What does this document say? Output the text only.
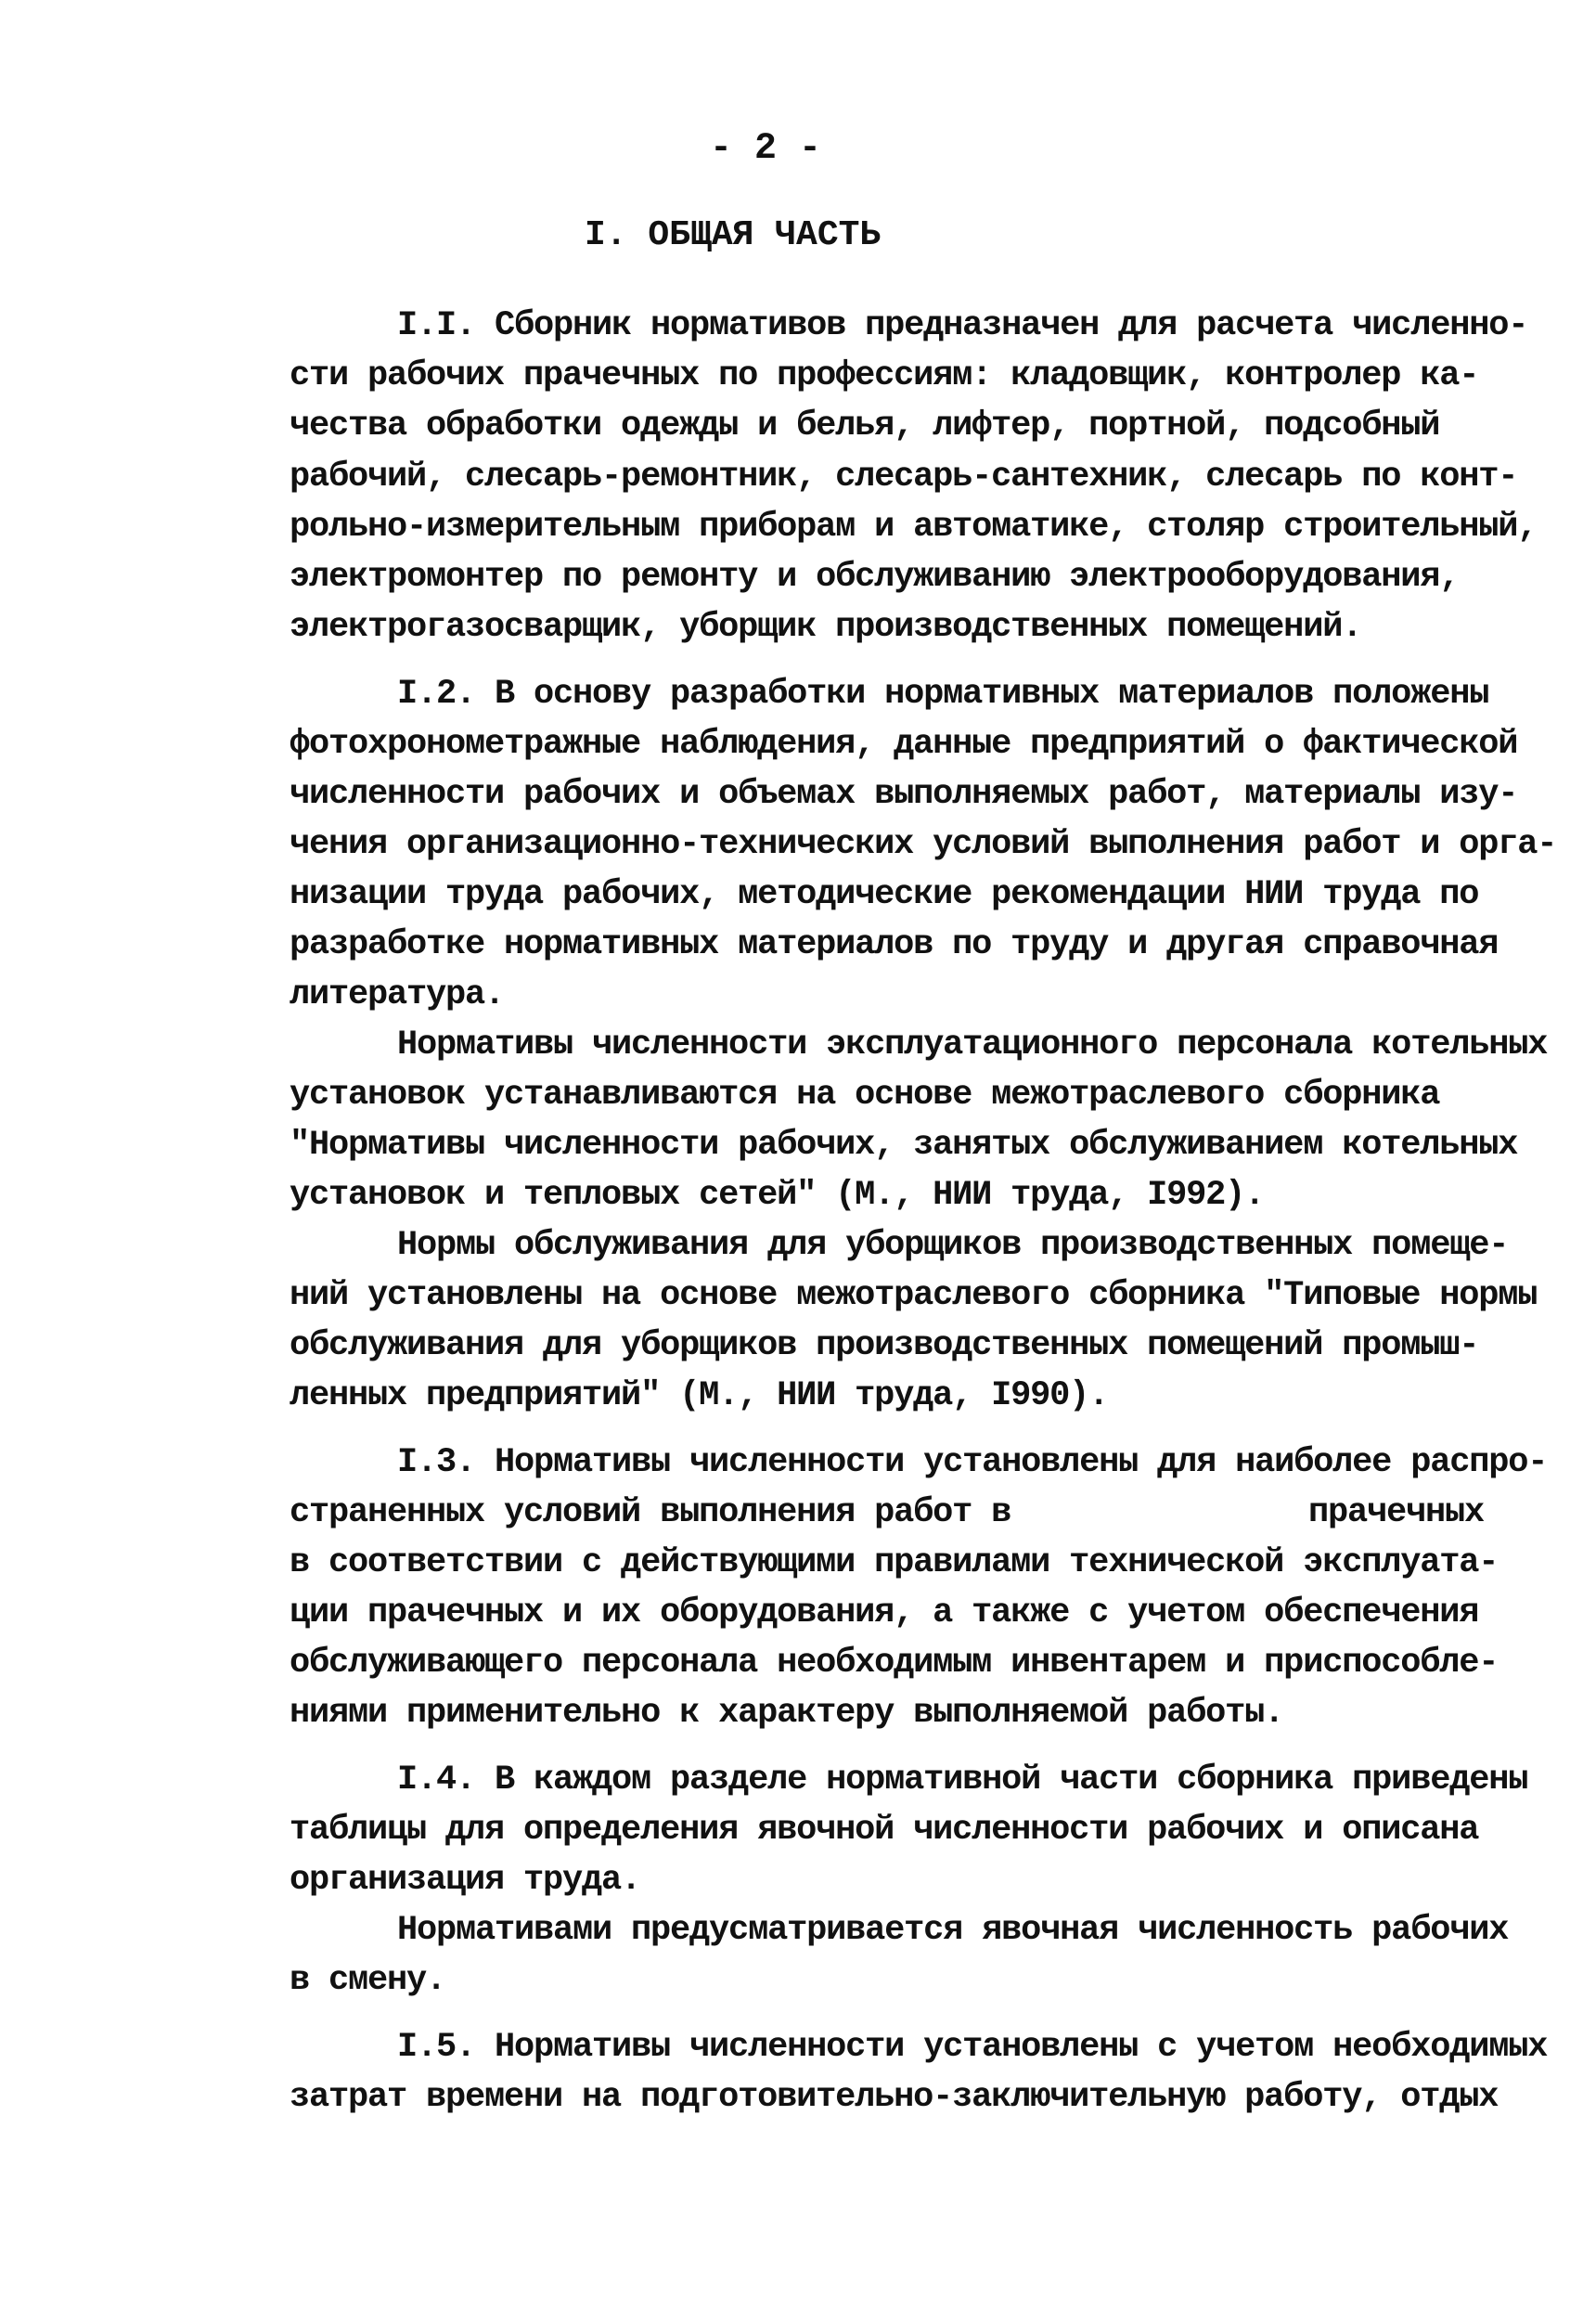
- 2 -
I. ОБЩАЯ ЧАСТЬ
I.I. Сборник нормативов предназначен для расчета численно-
сти рабочих прачечных по профессиям: кладовщик, контролер ка-
чества обработки одежды и белья, лифтер, портной, подсобный
рабочий, слесарь-ремонтник, слесарь-сантехник, слесарь по конт-
рольно-измерительным приборам и автоматике, столяр строительный,
электромонтер по ремонту и обслуживанию электрооборудования,
электрогазосварщик, уборщик производственных помещений.
I.2. В основу разработки нормативных материалов положены
фотохронометражные наблюдения, данные предприятий о фактической
численности рабочих и объемах выполняемых работ, материалы изу-
чения организационно-технических условий выполнения работ и орга-
низации труда рабочих, методические рекомендации НИИ труда по
разработке нормативных материалов по труду и другая справочная
литература.
Нормативы численности эксплуатационного персонала котельных
установок устанавливаются на основе межотраслевого сборника
"Нормативы численности рабочих, занятых обслуживанием котельных
установок и тепловых сетей" (М., НИИ труда, I992).
Нормы обслуживания для уборщиков производственных помеще-
ний установлены на основе межотраслевого сборника "Типовые нормы
обслуживания для уборщиков производственных помещений промыш-
ленных предприятий" (М., НИИ труда, I990).
I.3. Нормативы численности установлены для наиболее распро-
страненных условий выполнения работ в	прачечных
в соответствии с действующими правилами технической эксплуата-
ции прачечных и их оборудования, а также с учетом обеспечения
обслуживающего персонала необходимым инвентарем и приспособле-
ниями применительно к характеру выполняемой работы.
I.4. В каждом разделе нормативной части сборника приведены
таблицы для определения явочной численности рабочих и описана
организация труда.
Нормативами предусматривается явочная численность рабочих
в смену.
I.5. Нормативы численности установлены с учетом необходимых
затрат времени на подготовительно-заключительную работу, отдых
